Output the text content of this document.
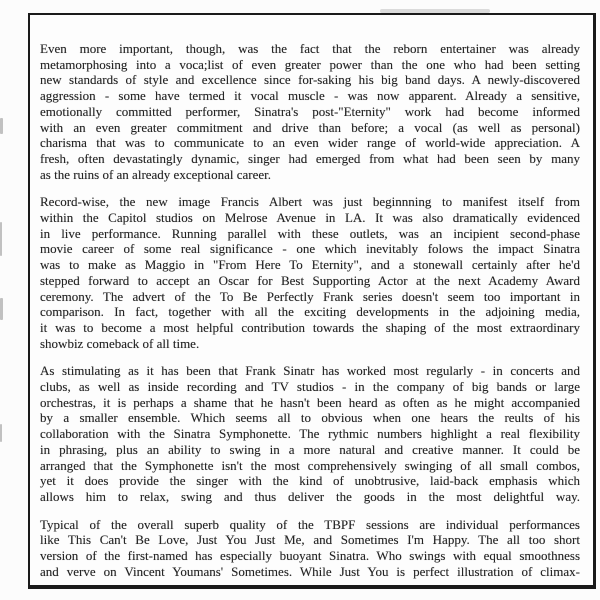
Even more important, though, was the fact that the reborn entertainer was already
metamorphosing into a voca;list of even greater power than the one who had been setting
new standards of style and excellence since for-saking his big band days. A newly-discovered
aggression - some have termed it vocal muscle - was now apparent. Already a sensitive,
emotionally committed performer, Sinatra's post-"Eternity" work had become informed
with an even greater commitment and drive than before; a vocal (as well as personal)
charisma that was to communicate to an even wider range of world-wide appreciation. A
fresh, often devastatingly dynamic, singer had emerged from what had been seen by many
as the ruins of an already exceptional career.
Record-wise, the new image Francis Albert was just beginnning to manifest itself from
within the Capitol studios on Melrose Avenue in LA. It was also dramatically evidenced
in live performance. Running parallel with these outlets, was an incipient second-phase
movie career of some real significance - one which inevitably folows the impact Sinatra
was to make as Maggio in "From Here To Eternity", and a stonewall certainly after he'd
stepped forward to accept an Oscar for Best Supporting Actor at the next Academy Award
ceremony. The advert of the To Be Perfectly Frank series doesn't seem too important in
comparison. In fact, together with all the exciting developments in the adjoining media,
it was to become a most helpful contribution towards the shaping of the most extraordinary
showbiz comeback of all time.
As stimulating as it has been that Frank Sinatr has worked most regularly - in concerts and
clubs, as well as inside recording and TV studios - in the company of big bands or large
orchestras, it is perhaps a shame that he hasn't been heard as often as he might accompanied
by a smaller ensemble. Which seems all to obvious when one hears the reults of his
collaboration with the Sinatra Symphonette. The rythmic numbers highlight a real flexibility
in phrasing, plus an ability to swing in a more natural and creative manner. It could be
arranged that the Symphonette isn't the most comprehensively swinging of all small combos,
yet it does provide the singer with the kind of unobtrusive, laid-back emphasis which
allows him to relax, swing and thus deliver the goods in the most delightful way.
Typical of the overall superb quality of the TBPF sessions are individual performances
like This Can't Be Love, Just You Just Me, and Sometimes I'm Happy. The all too short
version of the first-named has especially buoyant Sinatra. Who swings with equal smoothness
and verve on Vincent Youmans' Sometimes. While Just You is perfect illustration of climax-
